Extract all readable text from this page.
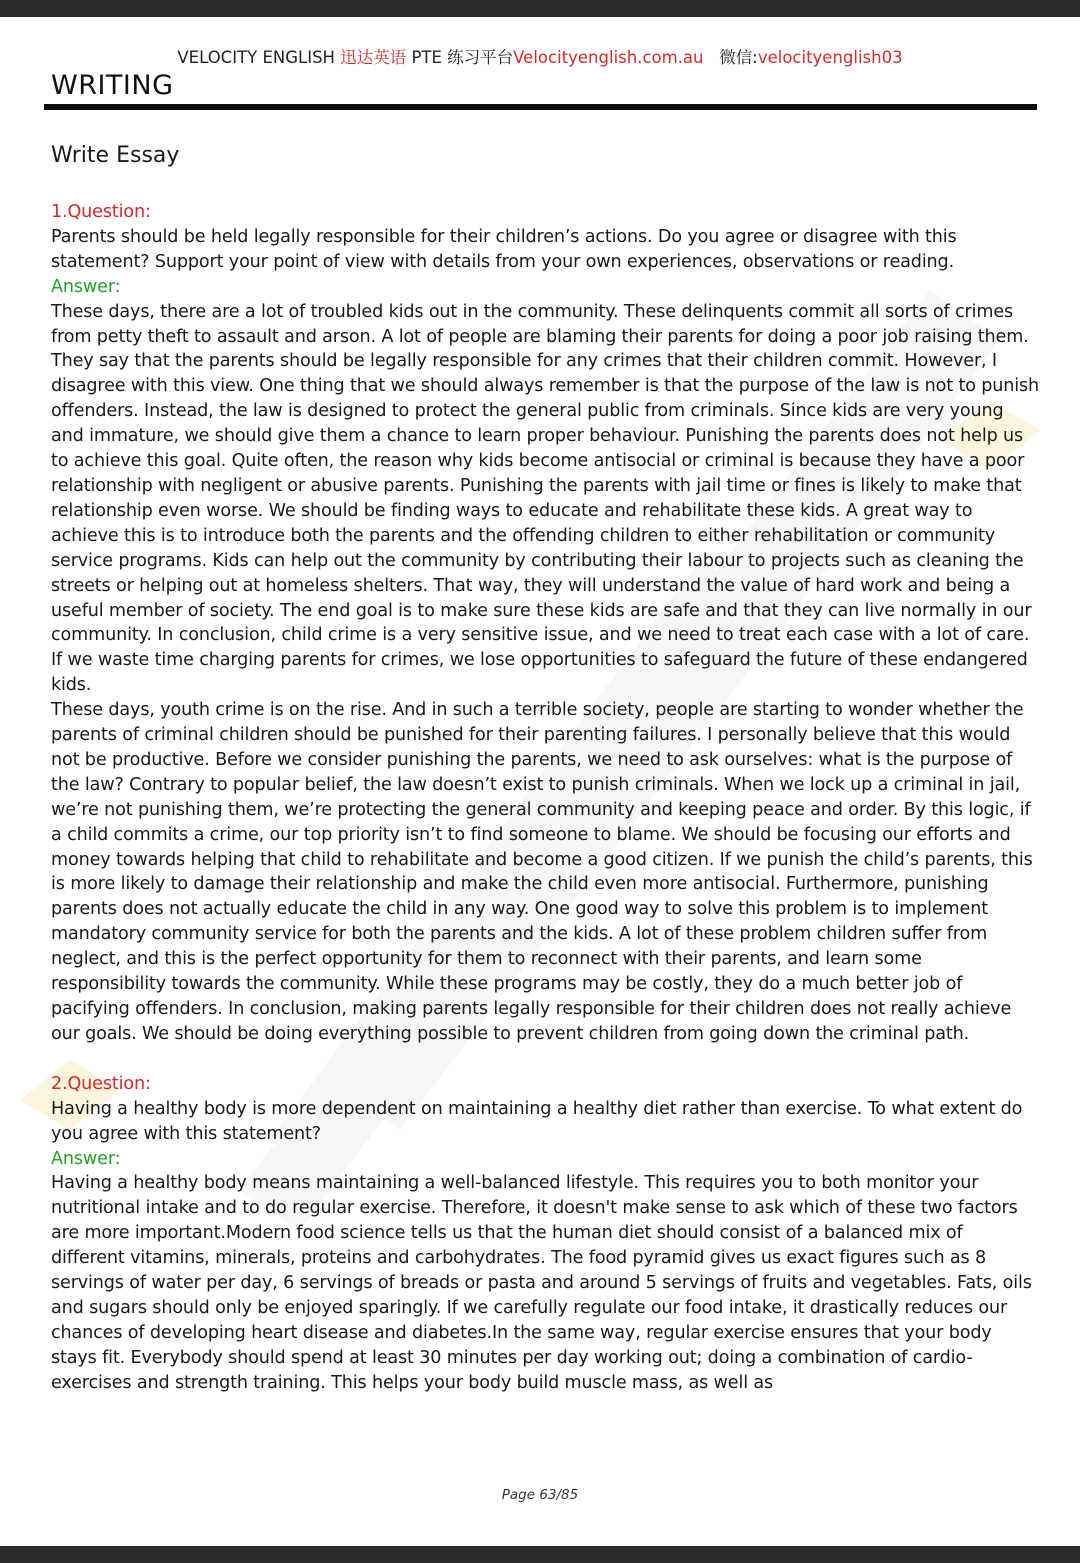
VELOCITY ENGLISH 迅达英语 PTE 练习平台Velocityenglish.com.au   微信:velocityenglish03
WRITING
Write Essay

1.Question:

Parents should be held legally responsible for their children’s actions. Do you agree or disagree with this statement? Support your point of view with details from your own experiences, observations or reading.

Answer:

These days, there are a lot of troubled kids out in the community. These delinquents commit all sorts of crimes from petty theft to assault and arson. A lot of people are blaming their parents for doing a poor job raising them. They say that the parents should be legally responsible for any crimes that their children commit. However, I disagree with this view. One thing that we should always remember is that the purpose of the law is not to punish offenders. Instead, the law is designed to protect the general public from criminals. Since kids are very young and immature, we should give them a chance to learn proper behaviour. Punishing the parents does not help us to achieve this goal. Quite often, the reason why kids become antisocial or criminal is because they have a poor relationship with negligent or abusive parents. Punishing the parents with jail time or fines is likely to make that relationship even worse. We should be finding ways to educate and rehabilitate these kids. A great way to achieve this is to introduce both the parents and the offending children to either rehabilitation or community service programs. Kids can help out the community by contributing their labour to projects such as cleaning the streets or helping out at homeless shelters. That way, they will understand the value of hard work and being a useful member of society. The end goal is to make sure these kids are safe and that they can live normally in our community. In conclusion, child crime is a very sensitive issue, and we need to treat each case with a lot of care. If we waste time charging parents for crimes, we lose opportunities to safeguard the future of these endangered kids.

These days, youth crime is on the rise. And in such a terrible society, people are starting to wonder whether the parents of criminal children should be punished for their parenting failures. I personally believe that this would not be productive. Before we consider punishing the parents, we need to ask ourselves: what is the purpose of the law? Contrary to popular belief, the law doesn’t exist to punish criminals. When we lock up a criminal in jail, we’re not punishing them, we’re protecting the general community and keeping peace and order. By this logic, if a child commits a crime, our top priority isn’t to find someone to blame. We should be focusing our efforts and money towards helping that child to rehabilitate and become a good citizen. If we punish the child’s parents, this is more likely to damage their relationship and make the child even more antisocial. Furthermore, punishing parents does not actually educate the child in any way. One good way to solve this problem is to implement mandatory community service for both the parents and the kids. A lot of these problem children suffer from neglect, and this is the perfect opportunity for them to reconnect with their parents, and learn some responsibility towards the community. While these programs may be costly, they do a much better job of pacifying offenders. In conclusion, making parents legally responsible for their children does not really achieve our goals. We should be doing everything possible to prevent children from going down the criminal path.

2.Question:

Having a healthy body is more dependent on maintaining a healthy diet rather than exercise. To what extent do you agree with this statement?

Answer:

Having a healthy body means maintaining a well-balanced lifestyle. This requires you to both monitor your nutritional intake and to do regular exercise. Therefore, it doesn't make sense to ask which of these two factors are more important.Modern food science tells us that the human diet should consist of a balanced mix of different vitamins, minerals, proteins and carbohydrates. The food pyramid gives us exact figures such as 8 servings of water per day, 6 servings of breads or pasta and around 5 servings of fruits and vegetables. Fats, oils and sugars should only be enjoyed sparingly. If we carefully regulate our food intake, it drastically reduces our chances of developing heart disease and diabetes.In the same way, regular exercise ensures that your body stays fit. Everybody should spend at least 30 minutes per day working out; doing a combination of cardio-exercises and strength training. This helps your body build muscle mass, as well as

Page 63/85
